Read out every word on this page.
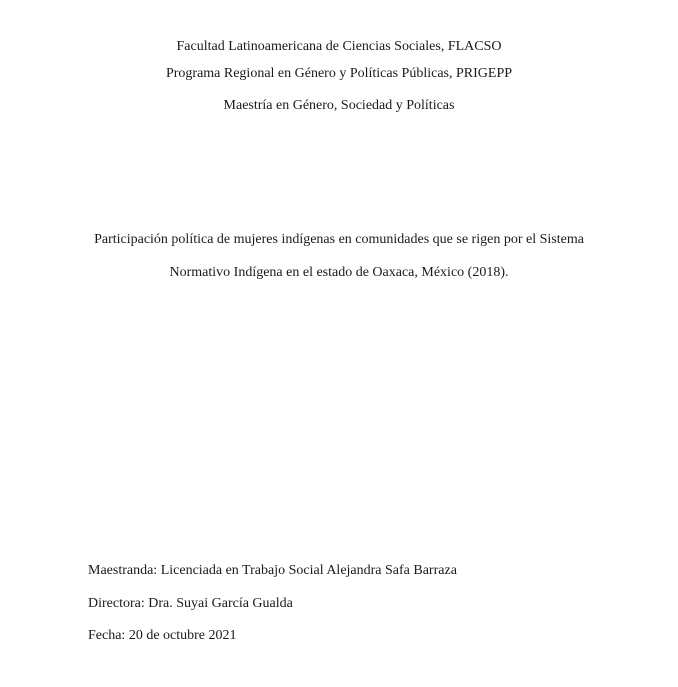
Facultad Latinoamericana de Ciencias Sociales, FLACSO
Programa Regional en Género y Políticas Públicas, PRIGEPP
Maestría en Género, Sociedad y Políticas
Participación política de mujeres indígenas en comunidades que se rigen por el Sistema
Normativo Indígena en el estado de Oaxaca, México (2018).
Maestranda: Licenciada en Trabajo Social Alejandra Safa Barraza
Directora: Dra. Suyai García Gualda
Fecha: 20 de octubre 2021
